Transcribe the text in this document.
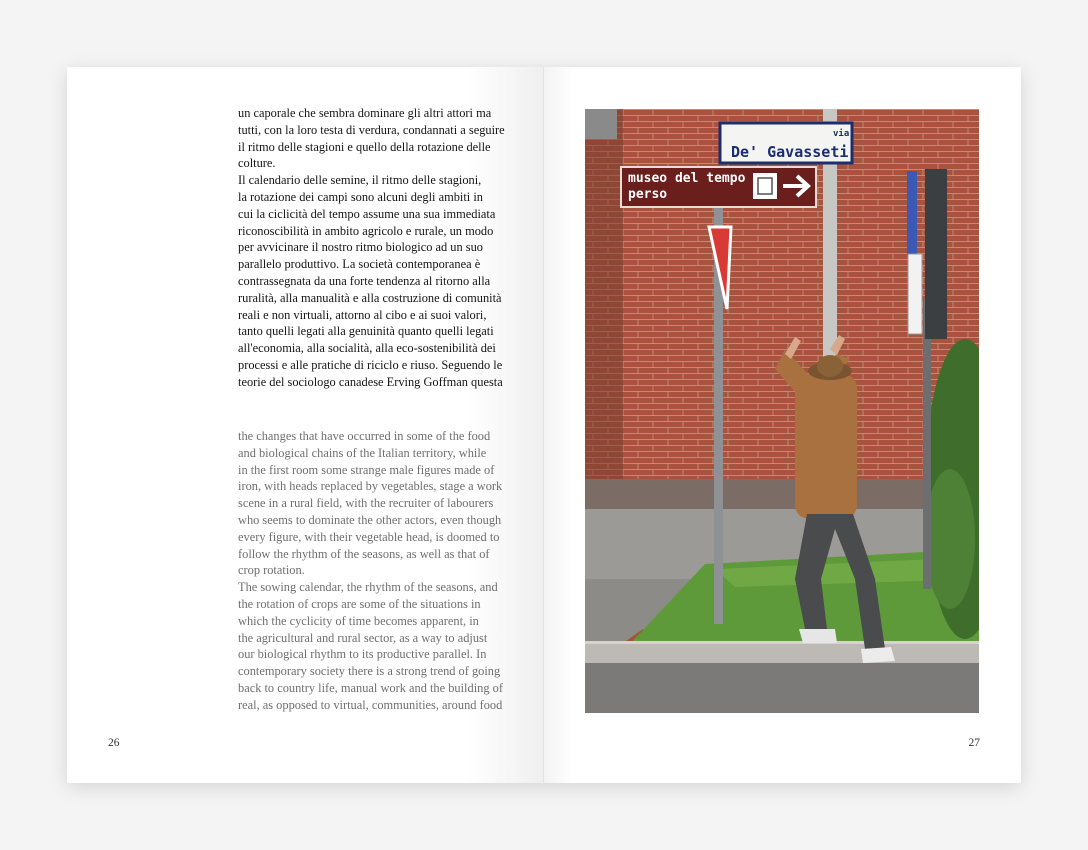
un caporale che sembra dominare gli altri attori ma
tutti, con la loro testa di verdura, condannati a seguire
il ritmo delle stagioni e quello della rotazione delle
colture.
Il calendario delle semine, il ritmo delle stagioni,
la rotazione dei campi sono alcuni degli ambiti in
cui la ciclicità del tempo assume una sua immediata
riconoscibilità in ambito agricolo e rurale, un modo
per avvicinare il nostro ritmo biologico ad un suo
parallelo produttivo. La società contemporanea è
contrassegnata da una forte tendenza al ritorno alla
ruralità, alla manualità e alla costruzione di comunità
reali e non virtuali, attorno al cibo e ai suoi valori,
tanto quelli legati alla genuinità quanto quelli legati
all'economia, alla socialità, alla eco-sostenibilità dei
processi e alle pratiche di riciclo e riuso. Seguendo le
teorie del sociologo canadese Erving Goffman questa
the changes that have occurred in some of the food
and biological chains of the Italian territory, while
in the first room some strange male figures made of
iron, with heads replaced by vegetables, stage a work
scene in a rural field, with the recruiter of labourers
who seems to dominate the other actors, even though
every figure, with their vegetable head, is doomed to
follow the rhythm of the seasons, as well as that of
crop rotation.
The sowing calendar, the rhythm of the seasons, and
the rotation of crops are some of the situations in
which the cyclicity of time becomes apparent, in
the agricultural and rural sector, as a way to adjust
our biological rhythm to its productive parallel. In
contemporary society there is a strong trend of going
back to country life, manual work and the building of
real, as opposed to virtual, communities, around food
26
via
De' Gavasseti
museo del tempo
perso
27
